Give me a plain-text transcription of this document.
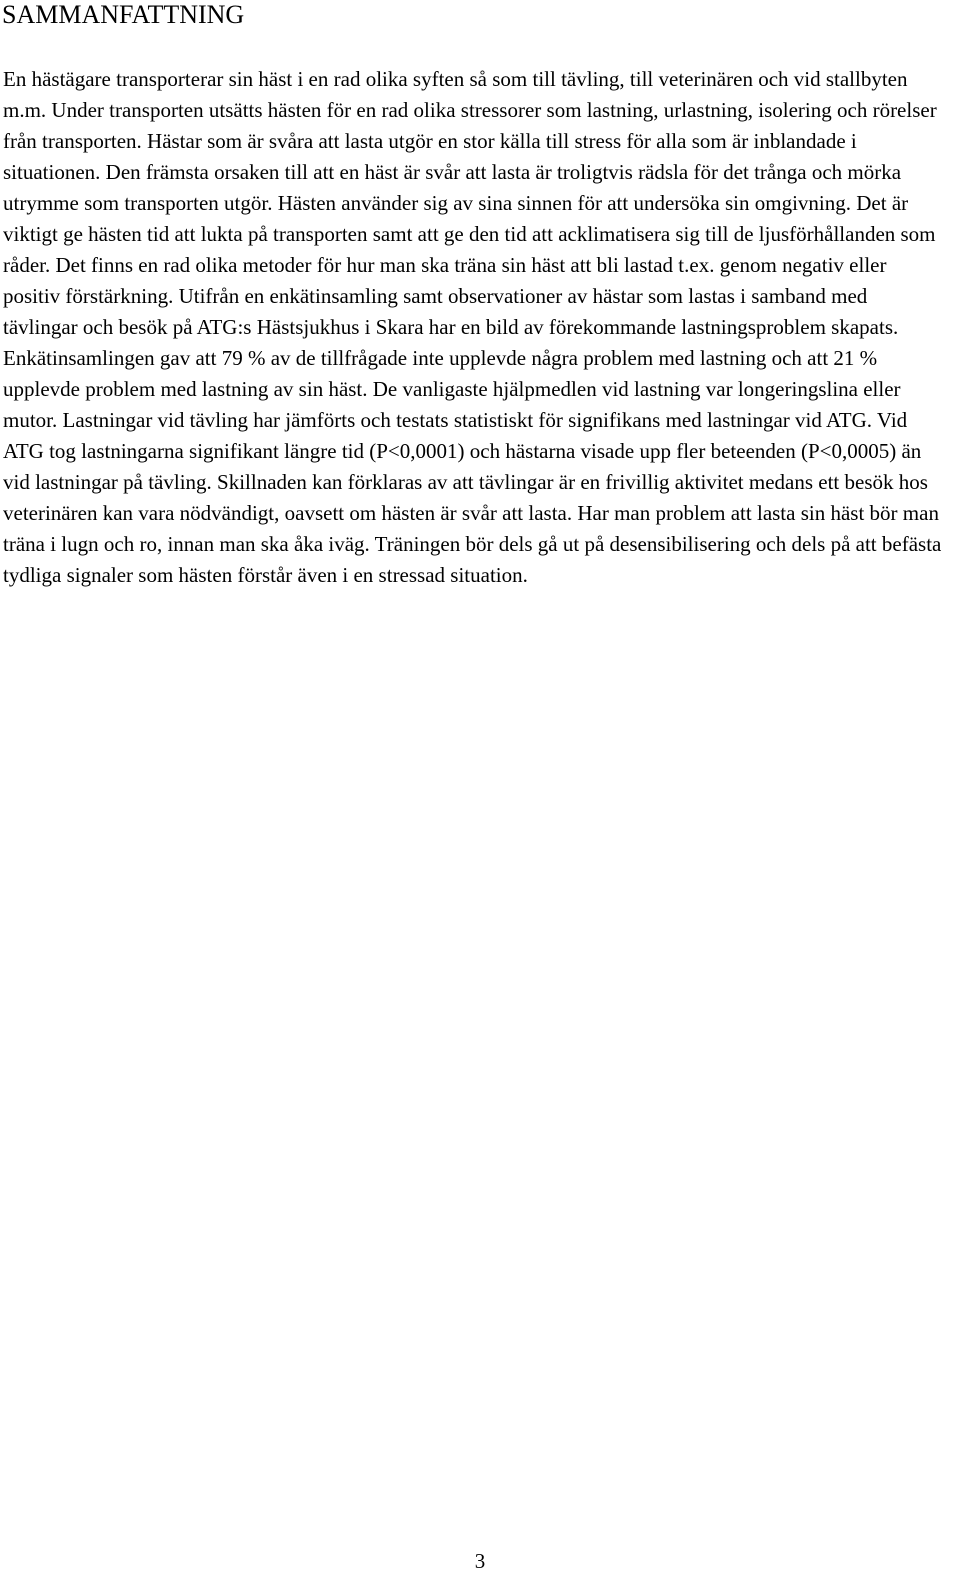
SAMMANFATTNING

En hästägare transporterar sin häst i en rad olika syften så som till tävling, till veterinären och vid stallbyten m.m. Under transporten utsätts hästen för en rad olika stressorer som lastning, urlastning, isolering och rörelser från transporten. Hästar som är svåra att lasta utgör en stor källa till stress för alla som är inblandade i situationen. Den främsta orsaken till att en häst är svår att lasta är troligtvis rädsla för det trånga och mörka utrymme som transporten utgör. Hästen använder sig av sina sinnen för att undersöka sin omgivning. Det är viktigt ge hästen tid att lukta på transporten samt att ge den tid att acklimatisera sig till de ljusförhållanden som råder. Det finns en rad olika metoder för hur man ska träna sin häst att bli lastad t.ex. genom negativ eller positiv förstärkning. Utifrån en enkätinsamling samt observationer av hästar som lastas i samband med tävlingar och besök på ATG:s Hästsjukhus i Skara har en bild av förekommande lastningsproblem skapats. Enkätinsamlingen gav att 79 % av de tillfrågade inte upplevde några problem med lastning och att 21 % upplevde problem med lastning av sin häst. De vanligaste hjälpmedlen vid lastning var longeringslina eller mutor. Lastningar vid tävling har jämförts och testats statistiskt för signifikans med lastningar vid ATG. Vid ATG tog lastningarna signifikant längre tid (P<0,0001) och hästarna visade upp fler beteenden (P<0,0005) än vid lastningar på tävling. Skillnaden kan förklaras av att tävlingar är en frivillig aktivitet medans ett besök hos veterinären kan vara nödvändigt, oavsett om hästen är svår att lasta. Har man problem att lasta sin häst bör man träna i lugn och ro, innan man ska åka iväg. Träningen bör dels gå ut på desensibilisering och dels på att befästa tydliga signaler som hästen förstår även i en stressad situation.

3
